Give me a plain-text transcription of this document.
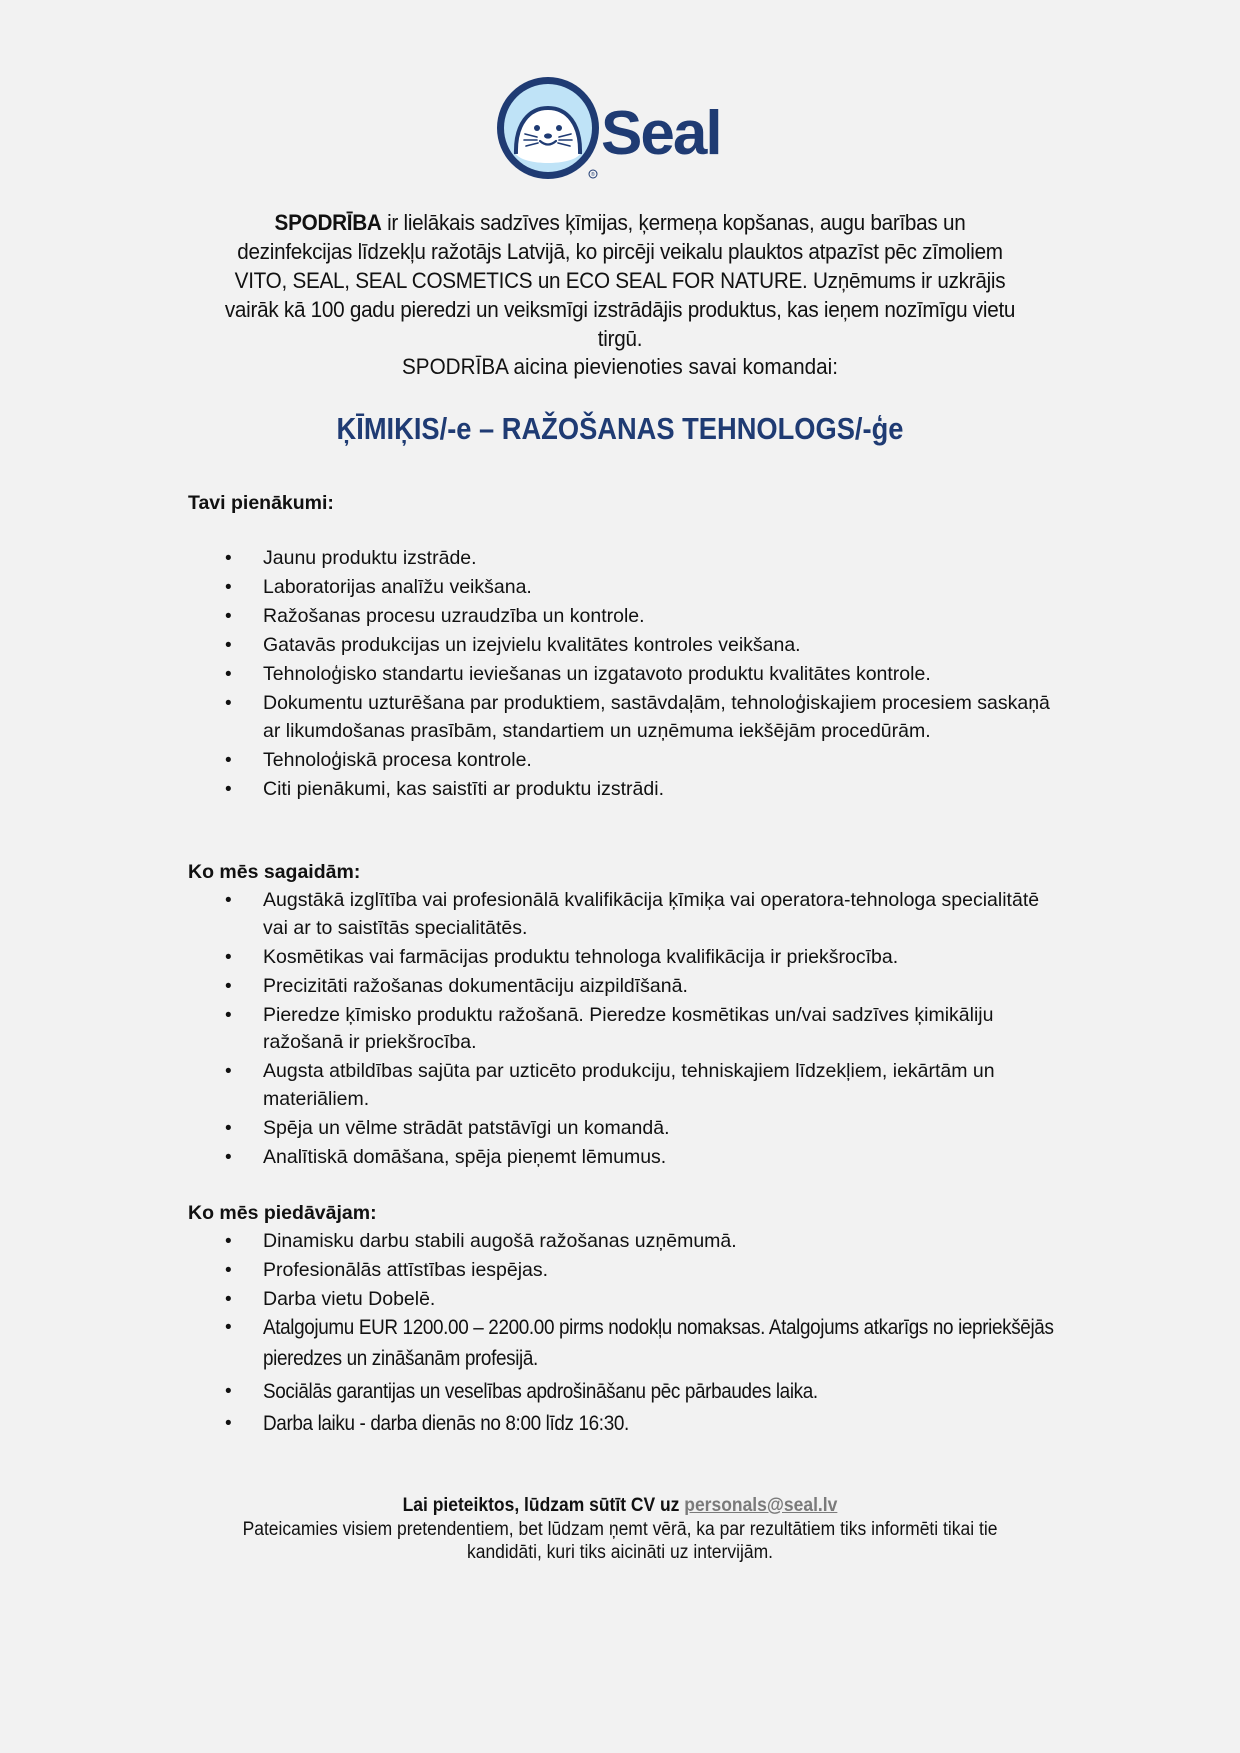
®
Seal
SPODRĪBA ir lielākais sadzīves ķīmijas, ķermeņa kopšanas, augu barības un dezinfekcijas līdzekļu ražotājs Latvijā, ko pircēji veikalu plauktos atpazīst pēc zīmoliem VITO, SEAL, SEAL COSMETICS un ECO SEAL FOR NATURE. Uzņēmums ir uzkrājis vairāk kā 100 gadu pieredzi un veiksmīgi izstrādājis produktus, kas ieņem nozīmīgu vietu tirgū.
SPODRĪBA aicina pievienoties savai komandai:
ĶĪMIĶIS/-e – RAŽOŠANAS TEHNOLOGS/-ģe
Tavi pienākumi:
• Jaunu produktu izstrāde.
• Laboratorijas analīžu veikšana.
• Ražošanas procesu uzraudzība un kontrole.
• Gatavās produkcijas un izejvielu kvalitātes kontroles veikšana.
• Tehnoloģisko standartu ieviešanas un izgatavoto produktu kvalitātes kontrole.
• Dokumentu uzturēšana par produktiem, sastāvdaļām, tehnoloģiskajiem procesiem saskaņā ar likumdošanas prasībām, standartiem un uzņēmuma iekšējām procedūrām.
• Tehnoloģiskā procesa kontrole.
• Citi pienākumi, kas saistīti ar produktu izstrādi.
Ko mēs sagaidām:
• Augstākā izglītība vai profesionālā kvalifikācija ķīmiķa vai operatora-tehnologa specialitātē vai ar to saistītās specialitātēs.
• Kosmētikas vai farmācijas produktu tehnologa kvalifikācija ir priekšrocība.
• Precizitāti ražošanas dokumentāciju aizpildīšanā.
• Pieredze ķīmisko produktu ražošanā. Pieredze kosmētikas un/vai sadzīves ķimikāliju ražošanā ir priekšrocība.
• Augsta atbildības sajūta par uzticēto produkciju, tehniskajiem līdzekļiem, iekārtām un materiāliem.
• Spēja un vēlme strādāt patstāvīgi un komandā.
• Analītiskā domāšana, spēja pieņemt lēmumus.
Ko mēs piedāvājam:
• Dinamisku darbu stabili augošā ražošanas uzņēmumā.
• Profesionālās attīstības iespējas.
• Darba vietu Dobelē.
• Atalgojumu EUR 1200.00 – 2200.00 pirms nodokļu nomaksas. Atalgojums atkarīgs no iepriekšējās pieredzes un zināšanām profesijā.
• Sociālās garantijas un veselības apdrošināšanu pēc pārbaudes laika.
• Darba laiku - darba dienās no 8:00 līdz 16:30.
Lai pieteiktos, lūdzam sūtīt CV uz personals@seal.lv
Pateicamies visiem pretendentiem, bet lūdzam ņemt vērā, ka par rezultātiem tiks informēti tikai tie kandidāti, kuri tiks aicināti uz intervijām.
